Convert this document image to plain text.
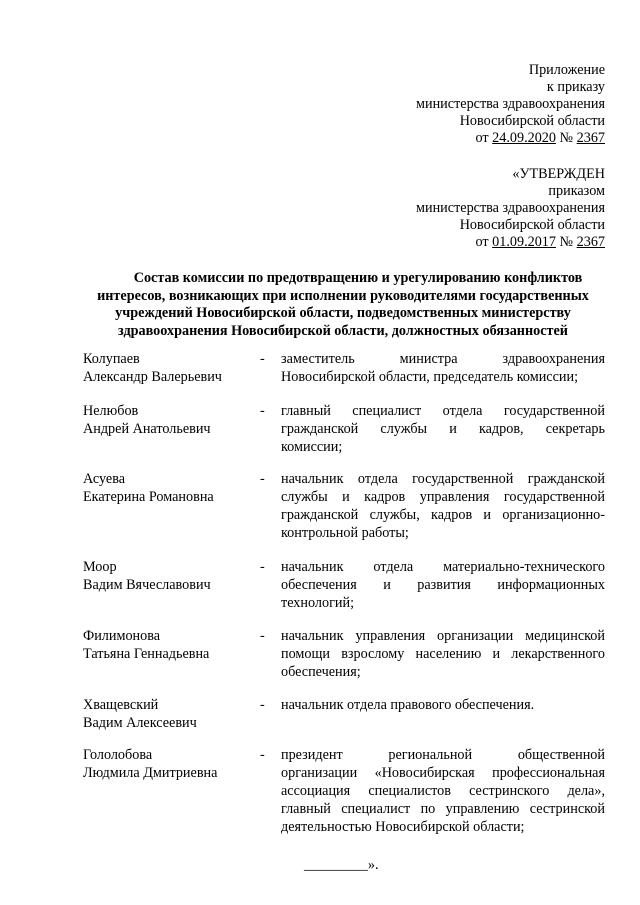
Приложение
к приказу
министерства здравоохранения
Новосибирской области
от 24.09.2020 № 2367
«УТВЕРЖДЕН
приказом
министерства здравоохранения
Новосибирской области
от 01.09.2017 № 2367
Состав комиссии по предотвращению и урегулированию конфликтов
интересов, возникающих при исполнении руководителями государственных
учреждений Новосибирской области, подведомственных министерству
здравоохранения Новосибирской области, должностных обязанностей
Колупаев
Александр Валерьевич
- заместитель министра здравоохранения
Новосибирской области, председатель комиссии;
Нелюбов
Андрей Анатольевич
- главный специалист отдела государственной
гражданской службы и кадров, секретарь
комиссии;
Асуева
Екатерина Романовна
- начальник отдела государственной гражданской
службы и кадров управления государственной
гражданской службы, кадров и организационно-
контрольной работы;
Моор
Вадим Вячеславович
- начальник отдела материально-технического
обеспечения и развития информационных
технологий;
Филимонова
Татьяна Геннадьевна
- начальник управления организации медицинской
помощи взрослому населению и лекарственного
обеспечения;
Хващевский
Вадим Алексеевич
- начальник отдела правового обеспечения.
Гололобова
Людмила Дмитриевна
- президент региональной общественной
организации «Новосибирская профессиональная
ассоциация специалистов сестринского дела»,
главный специалист по управлению сестринской
деятельностью Новосибирской области;
_________».
